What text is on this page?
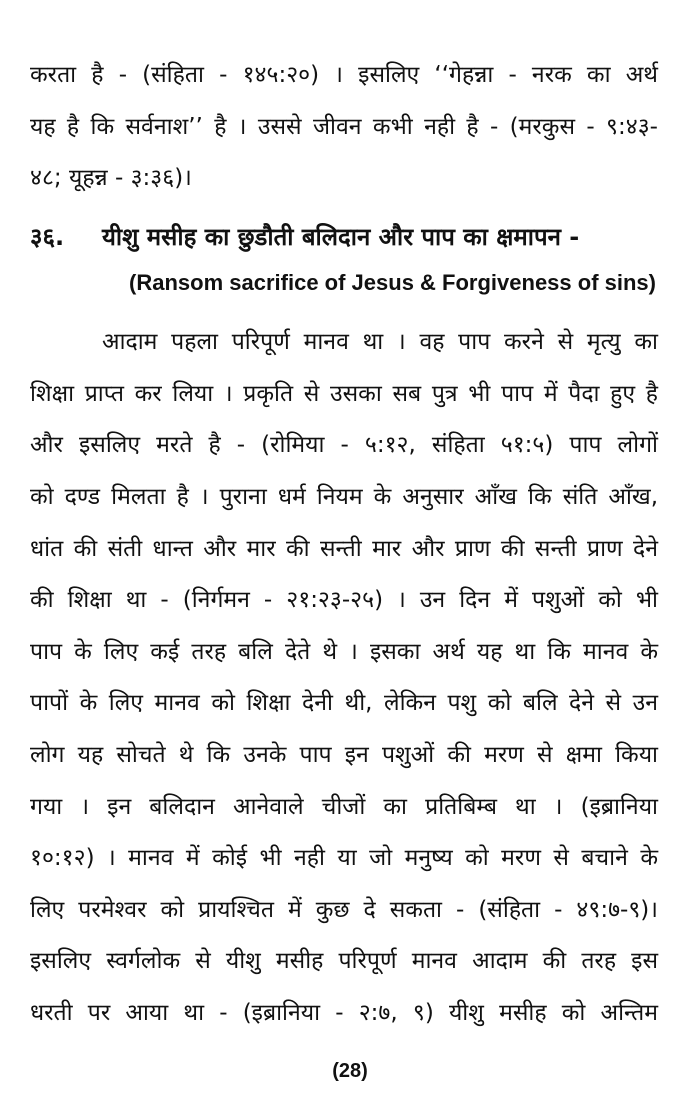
करता है - (संहिता - १४५:२०) । इसलिए ‘‘गेहन्ना - नरक का अर्थ
यह है कि सर्वनाश’’ है । उससे जीवन कभी नही है - (मरकुस - ९:४३-
४८; यूहन्न - ३:३६)।
३६. यीशु मसीह का छुडौती बलिदान और पाप का क्षमापन -
(Ransom sacrifice of Jesus & Forgiveness of sins)
आदाम पहला परिपूर्ण मानव था । वह पाप करने से मृत्यु का
शिक्षा प्राप्त कर लिया । प्रकृति से उसका सब पुत्र भी पाप में पैदा हुए है
और इसलिए मरते है - (रोमिया - ५:१२, संहिता ५१:५) पाप लोगों
को दण्ड मिलता है । पुराना धर्म नियम के अनुसार आँख कि संति आँख,
धांत की संती धान्त और मार की सन्ती मार और प्राण की सन्ती प्राण देने
की शिक्षा था - (निर्गमन - २१:२३-२५) । उन दिन में पशुओं को भी
पाप के लिए कई तरह बलि देते थे । इसका अर्थ यह था कि मानव के
पापों के लिए मानव को शिक्षा देनी थी, लेकिन पशु को बलि देने से उन
लोग यह सोचते थे कि उनके पाप इन पशुओं की मरण से क्षमा किया
गया । इन बलिदान आनेवाले चीजों का प्रतिबिम्ब था । (इब्रानिया
१०:१२) । मानव में कोई भी नही या जो मनुष्य को मरण से बचाने के
लिए परमेश्वर को प्रायश्चित में कुछ दे सकता - (संहिता - ४९:७-९)।
इसलिए स्वर्गलोक से यीशु मसीह परिपूर्ण मानव आदाम की तरह इस
धरती पर आया था - (इब्रानिया - २:७, ९) यीशु मसीह को अन्तिम
(28)
